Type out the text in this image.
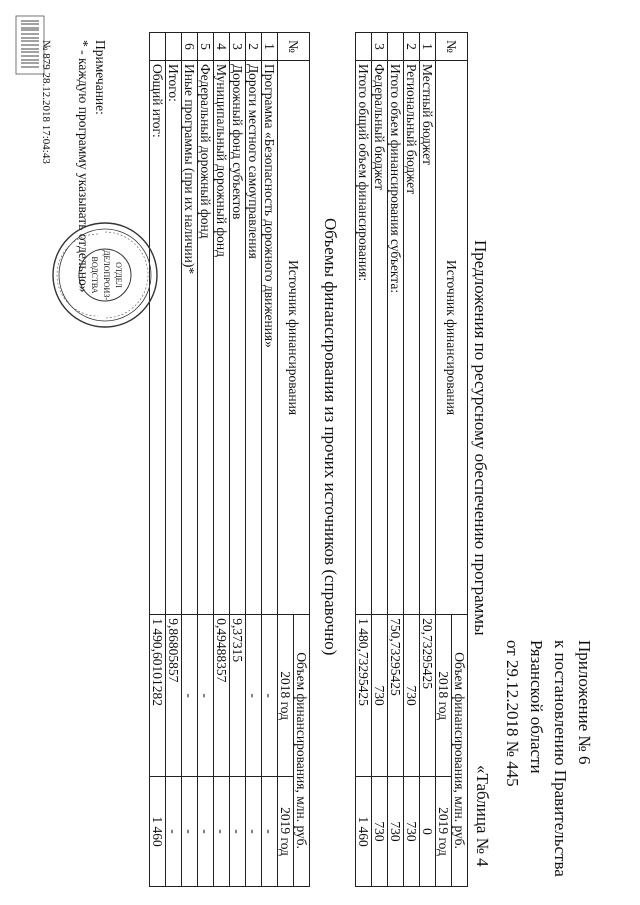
Приложение № 6
к постановлению Правительства
Рязанской области
от 29.12.2018 № 445
«Таблица № 4
Предложения по ресурсному обеспечению программы
№	Источник финансирования	Объем финансирования, млн. руб.	
		2018 год	2019 год
1	Местный бюджет	20,73295425	0
2	Региональный бюджет	730	730
	Итого объем финансирования субъекта:	750,73295425	730
3	Федеральный бюджет	730	730
	Итого общий объем финансирования:	1 480,73295425	1 460
Объемы финансирования из прочих источников (справочно)
№	Источник финансирования	Объем финансирования, млн. руб.	
		2018 год	2019 год
1	Программа «Безопасность дорожного движения»	-	-
2	Дороги местного самоуправления	-	-
3	Дорожный фонд субъектов	9,37315	-
4	Муниципальный дорожный фонд	0,49488357	-
5	Федеральный дорожный фонд	-	-
6	Иные программы (при их наличии)*	-	-
	Итого:	9,86805857	-
	Общий итог:	1 490,60101282	1 460
Примечание:
* - каждую программу указывать отдельно»
№ 879 28.12.2018 17:04:43
ОТДЕЛ
ДЕЛОПРОИЗ-
ВОДСТВА
